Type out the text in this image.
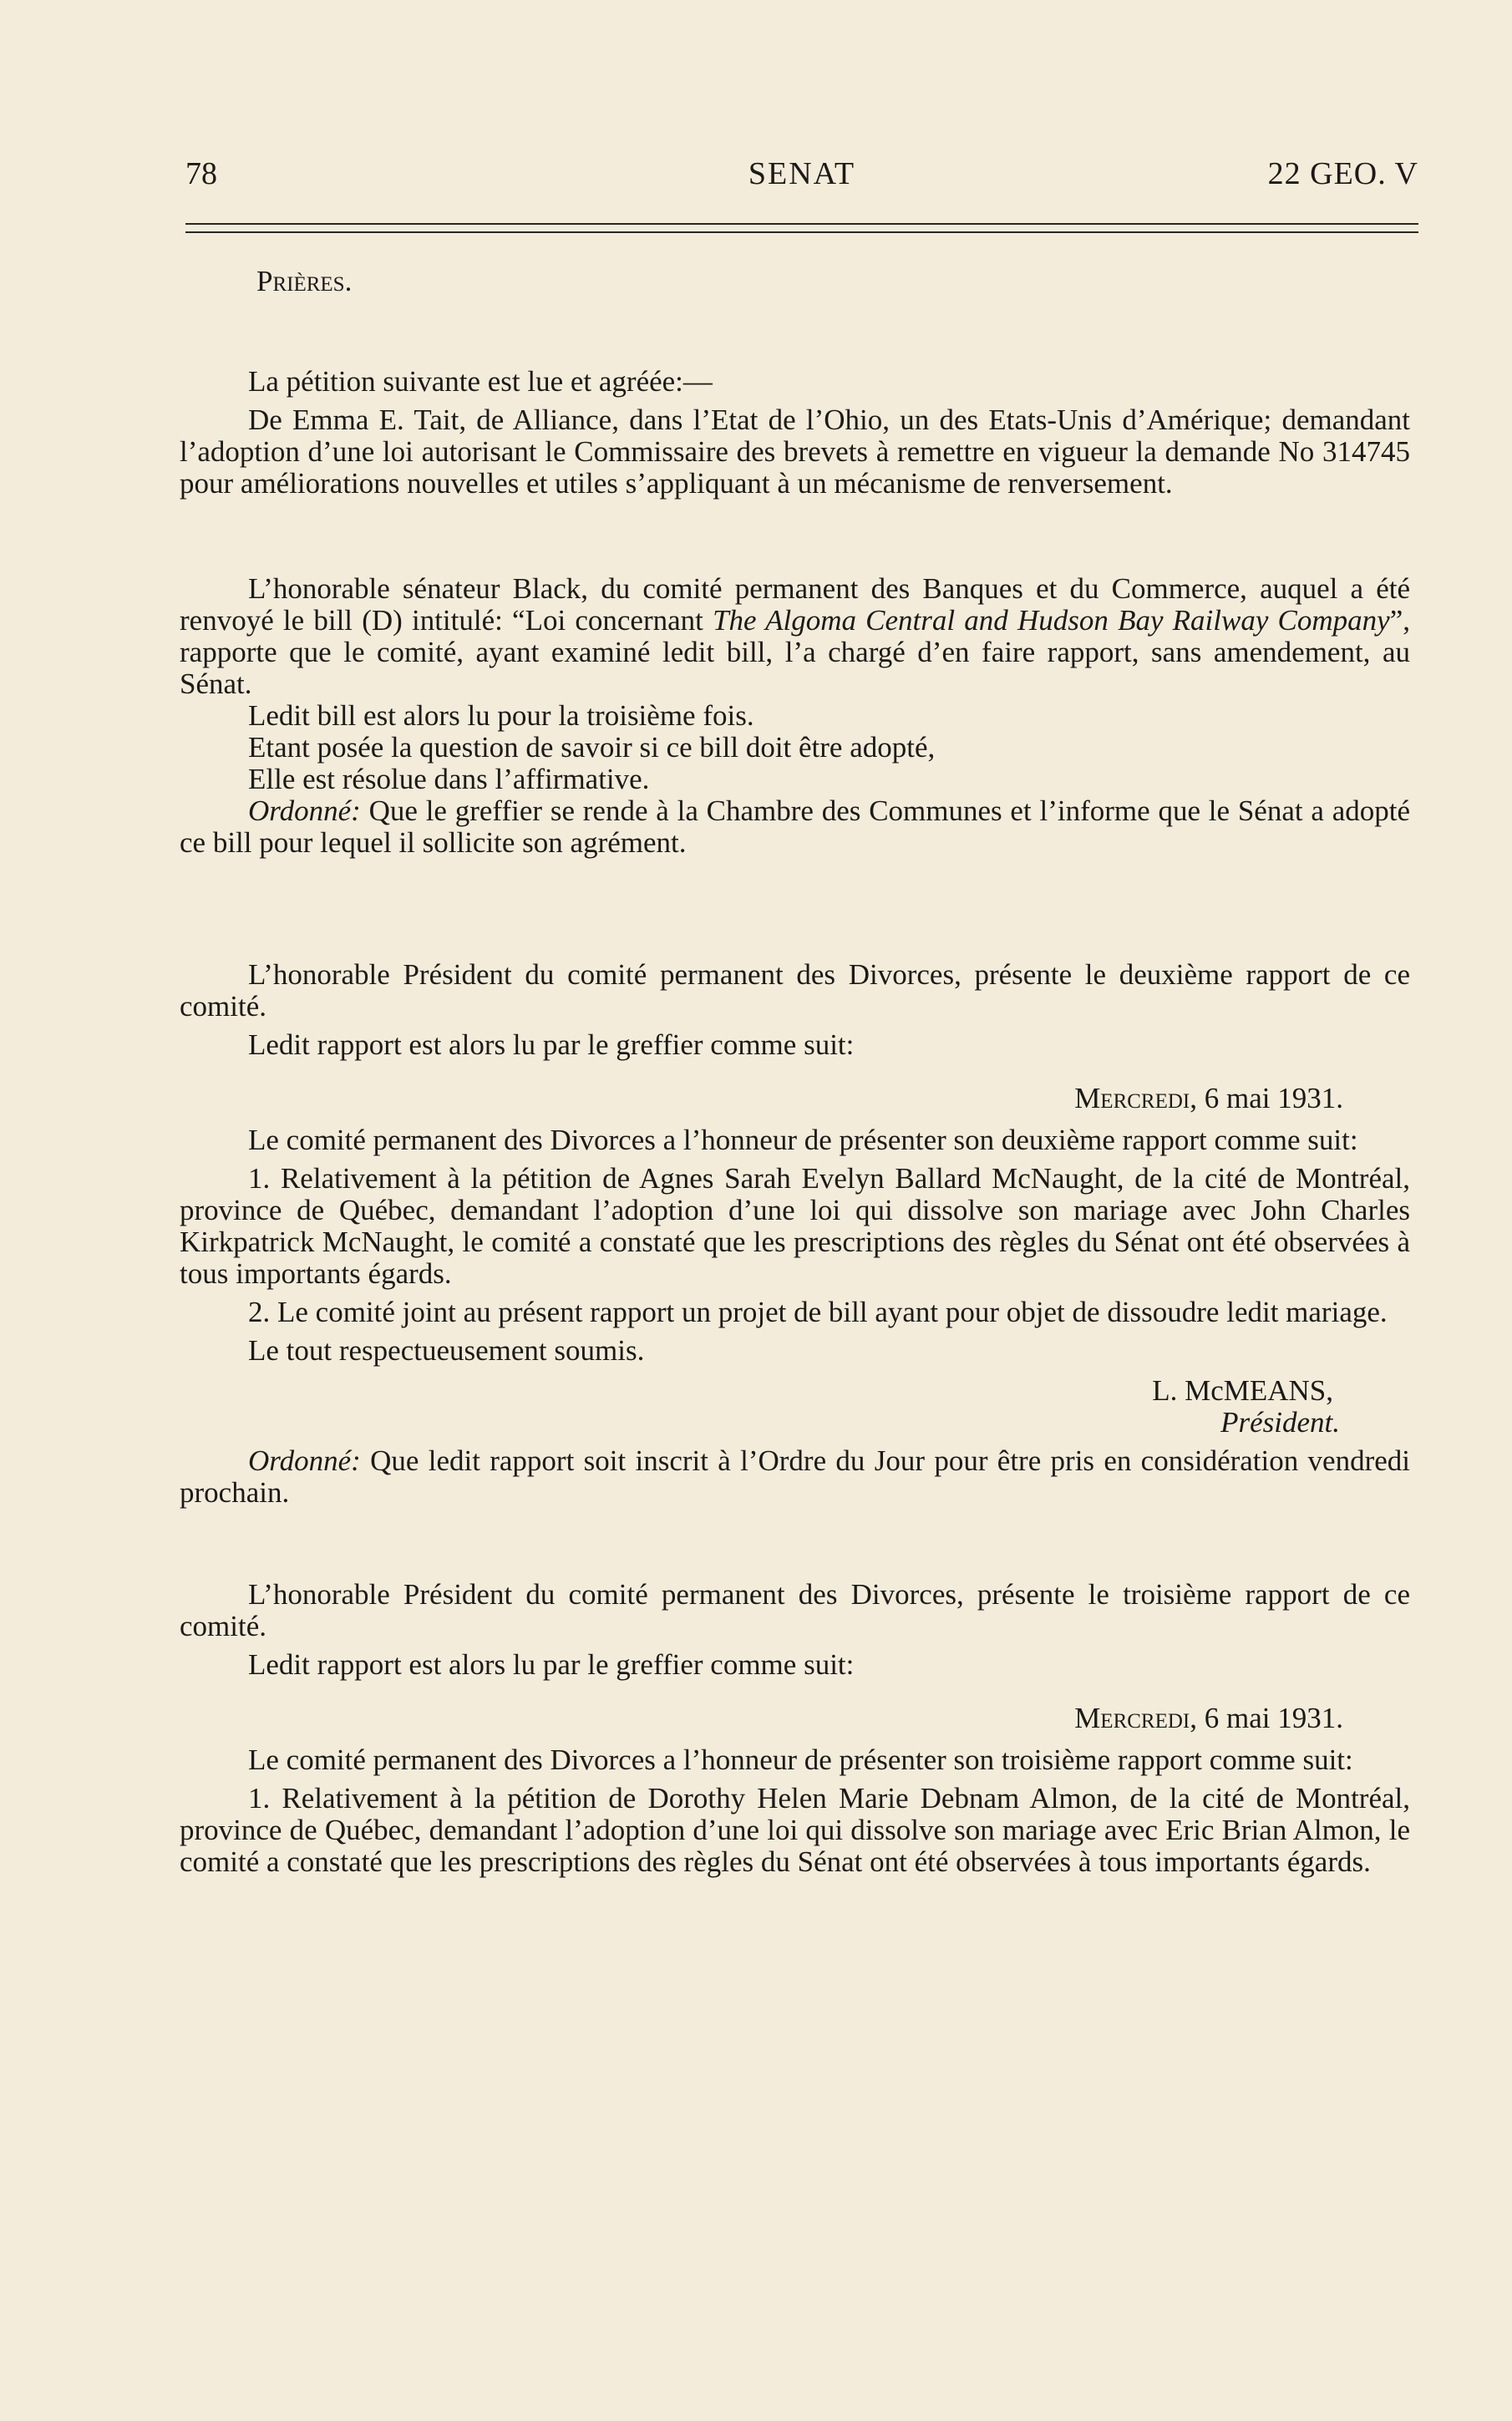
78	SENAT	22 GEO. V

Prières.

La pétition suivante est lue et agréée:—

De Emma E. Tait, de Alliance, dans l’Etat de l’Ohio, un des Etats-Unis d’Amérique; demandant l’adoption d’une loi autorisant le Commissaire des brevets à remettre en vigueur la demande No 314745 pour améliorations nouvelles et utiles s’appliquant à un mécanisme de renversement.

L’honorable sénateur Black, du comité permanent des Banques et du Commerce, auquel a été renvoyé le bill (D) intitulé: “Loi concernant The Algoma Central and Hudson Bay Railway Company”, rapporte que le comité, ayant examiné ledit bill, l’a chargé d’en faire rapport, sans amendement, au Sénat.

Ledit bill est alors lu pour la troisième fois.

Etant posée la question de savoir si ce bill doit être adopté,

Elle est résolue dans l’affirmative.

Ordonné: Que le greffier se rende à la Chambre des Communes et l’informe que le Sénat a adopté ce bill pour lequel il sollicite son agrément.

L’honorable Président du comité permanent des Divorces, présente le deuxième rapport de ce comité.

Ledit rapport est alors lu par le greffier comme suit:

Mercredi, 6 mai 1931.

Le comité permanent des Divorces a l’honneur de présenter son deuxième rapport comme suit:

1. Relativement à la pétition de Agnes Sarah Evelyn Ballard McNaught, de la cité de Montréal, province de Québec, demandant l’adoption d’une loi qui dissolve son mariage avec John Charles Kirkpatrick McNaught, le comité a constaté que les prescriptions des règles du Sénat ont été observées à tous importants égards.

2. Le comité joint au présent rapport un projet de bill ayant pour objet de dissoudre ledit mariage.

Le tout respectueusement soumis.

L. McMEANS,

Président.

Ordonné: Que ledit rapport soit inscrit à l’Ordre du Jour pour être pris en considération vendredi prochain.

L’honorable Président du comité permanent des Divorces, présente le troisième rapport de ce comité.

Ledit rapport est alors lu par le greffier comme suit:

Mercredi, 6 mai 1931.

Le comité permanent des Divorces a l’honneur de présenter son troisième rapport comme suit:

1. Relativement à la pétition de Dorothy Helen Marie Debnam Almon, de la cité de Montréal, province de Québec, demandant l’adoption d’une loi qui dissolve son mariage avec Eric Brian Almon, le comité a constaté que les prescriptions des règles du Sénat ont été observées à tous importants égards.
